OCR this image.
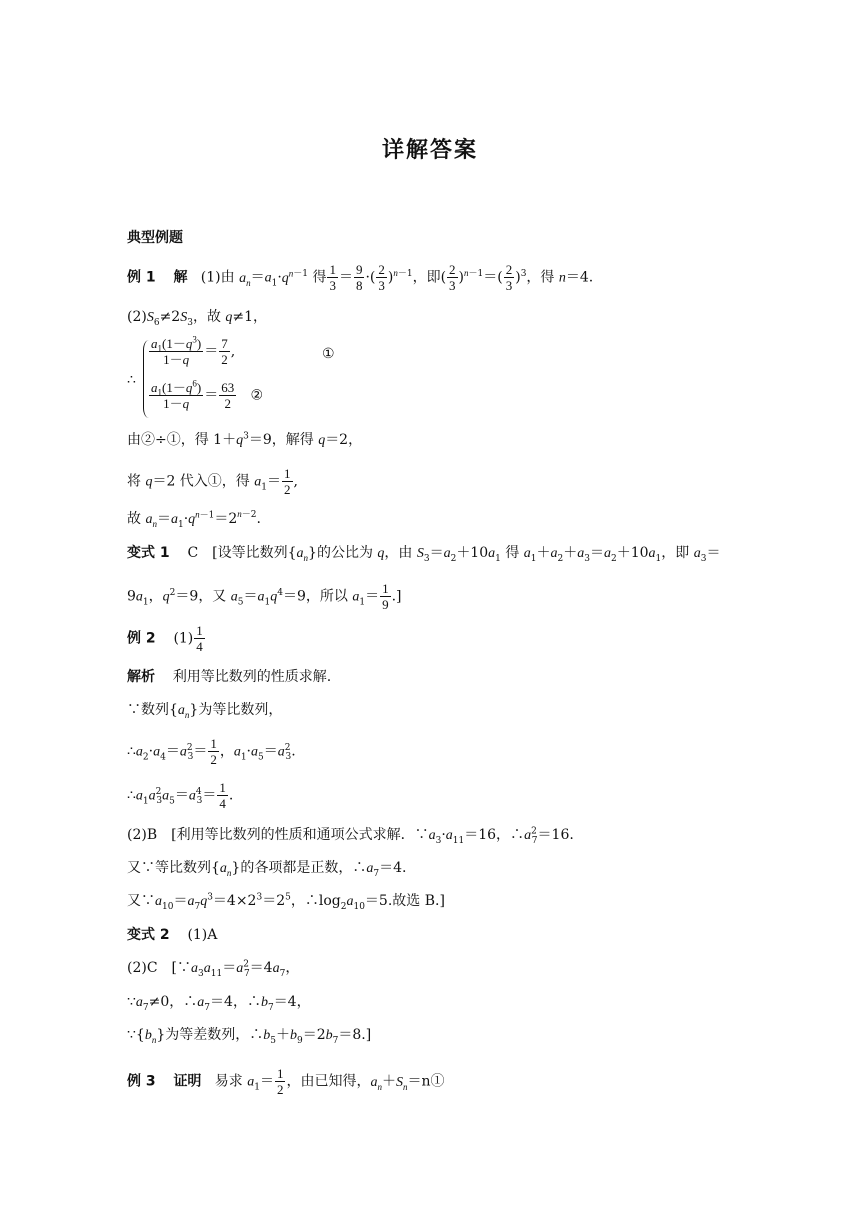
详解答案
典型例题
例 1 解 (1)由 $a_n=a_1\cdot q^{n-1}$ 得 $\frac{1}{3} = \frac{9}{8}$ ·( $\frac{2}{3} )^{n-1}$，即( $\frac{2}{3} )^{n-1}=( \frac{2}{3} )^3$，得 n＝4.
$(2)S_6\ne 2S_3$，故 q≠1，
∴
$\frac{a_1(1-q^3)}{1-q} = \frac{7}{2}$ ,	①
$\frac{a_1(1-q^6)}{1-q} = \frac{63}{2}$ ②
由②÷①，得 $1+q^3=9$，解得 q＝2，
将 q＝2 代入①，得 $a_1= \frac{1}{2}$ ,
故 $a_n=a_1\cdot q^{n-1}=2^{n-2}$.
变式 1 C　[设等比数列$\{a_n\}$的公比为 q，由 $S_3=a_2+10a_1$ 得 $a_1+a_2+a_3=a_2+10a_1$，即 $a_3=$
$9a_1$，$q^2=9$，又 $a_5=a_1q^4=9$，所以 $a_1= \frac{1}{9}$ .]
例 2 $(1) \frac{1}{4}$
解析 利用等比数列的性质求解.
∵数列$\{a_n\}$为等比数列，
$\therefore a_2\cdot a_4=a^2_3= \frac{1}{2}$ ，$a_1\cdot a_5=a^2_3$.
$\therefore a_1a^2_3a_5=a^4_3= \frac{1}{4}$ .
(2)B　[利用等比数列的性质和通项公式求解．$\because a_3\cdot a_{11}=16$，$\therefore a^2_7=16$.
又∵等比数列$\{a_n\}$的各项都是正数，$\therefore a_7=4$.
又$\because a_{10}=a_7q^3=4\times 2^3=2^5$，$\therefore\log_2a_{10}=5$.故选 B.]
变式 2 (1)A
(2)C　[$\because a_3a_{11}=a^2_7=4a_7$，
$\because a_7\ne 0$，$\therefore a_7=4$，$\therefore b_7=4$，
$\because\{b_n\}$为等差数列，$\therefore b_5+b_9=2b_7=8$.]
例 3 证明 易求 $a_1= \frac{1}{2}$ ，由已知得，$a_n+S_n=n①$
